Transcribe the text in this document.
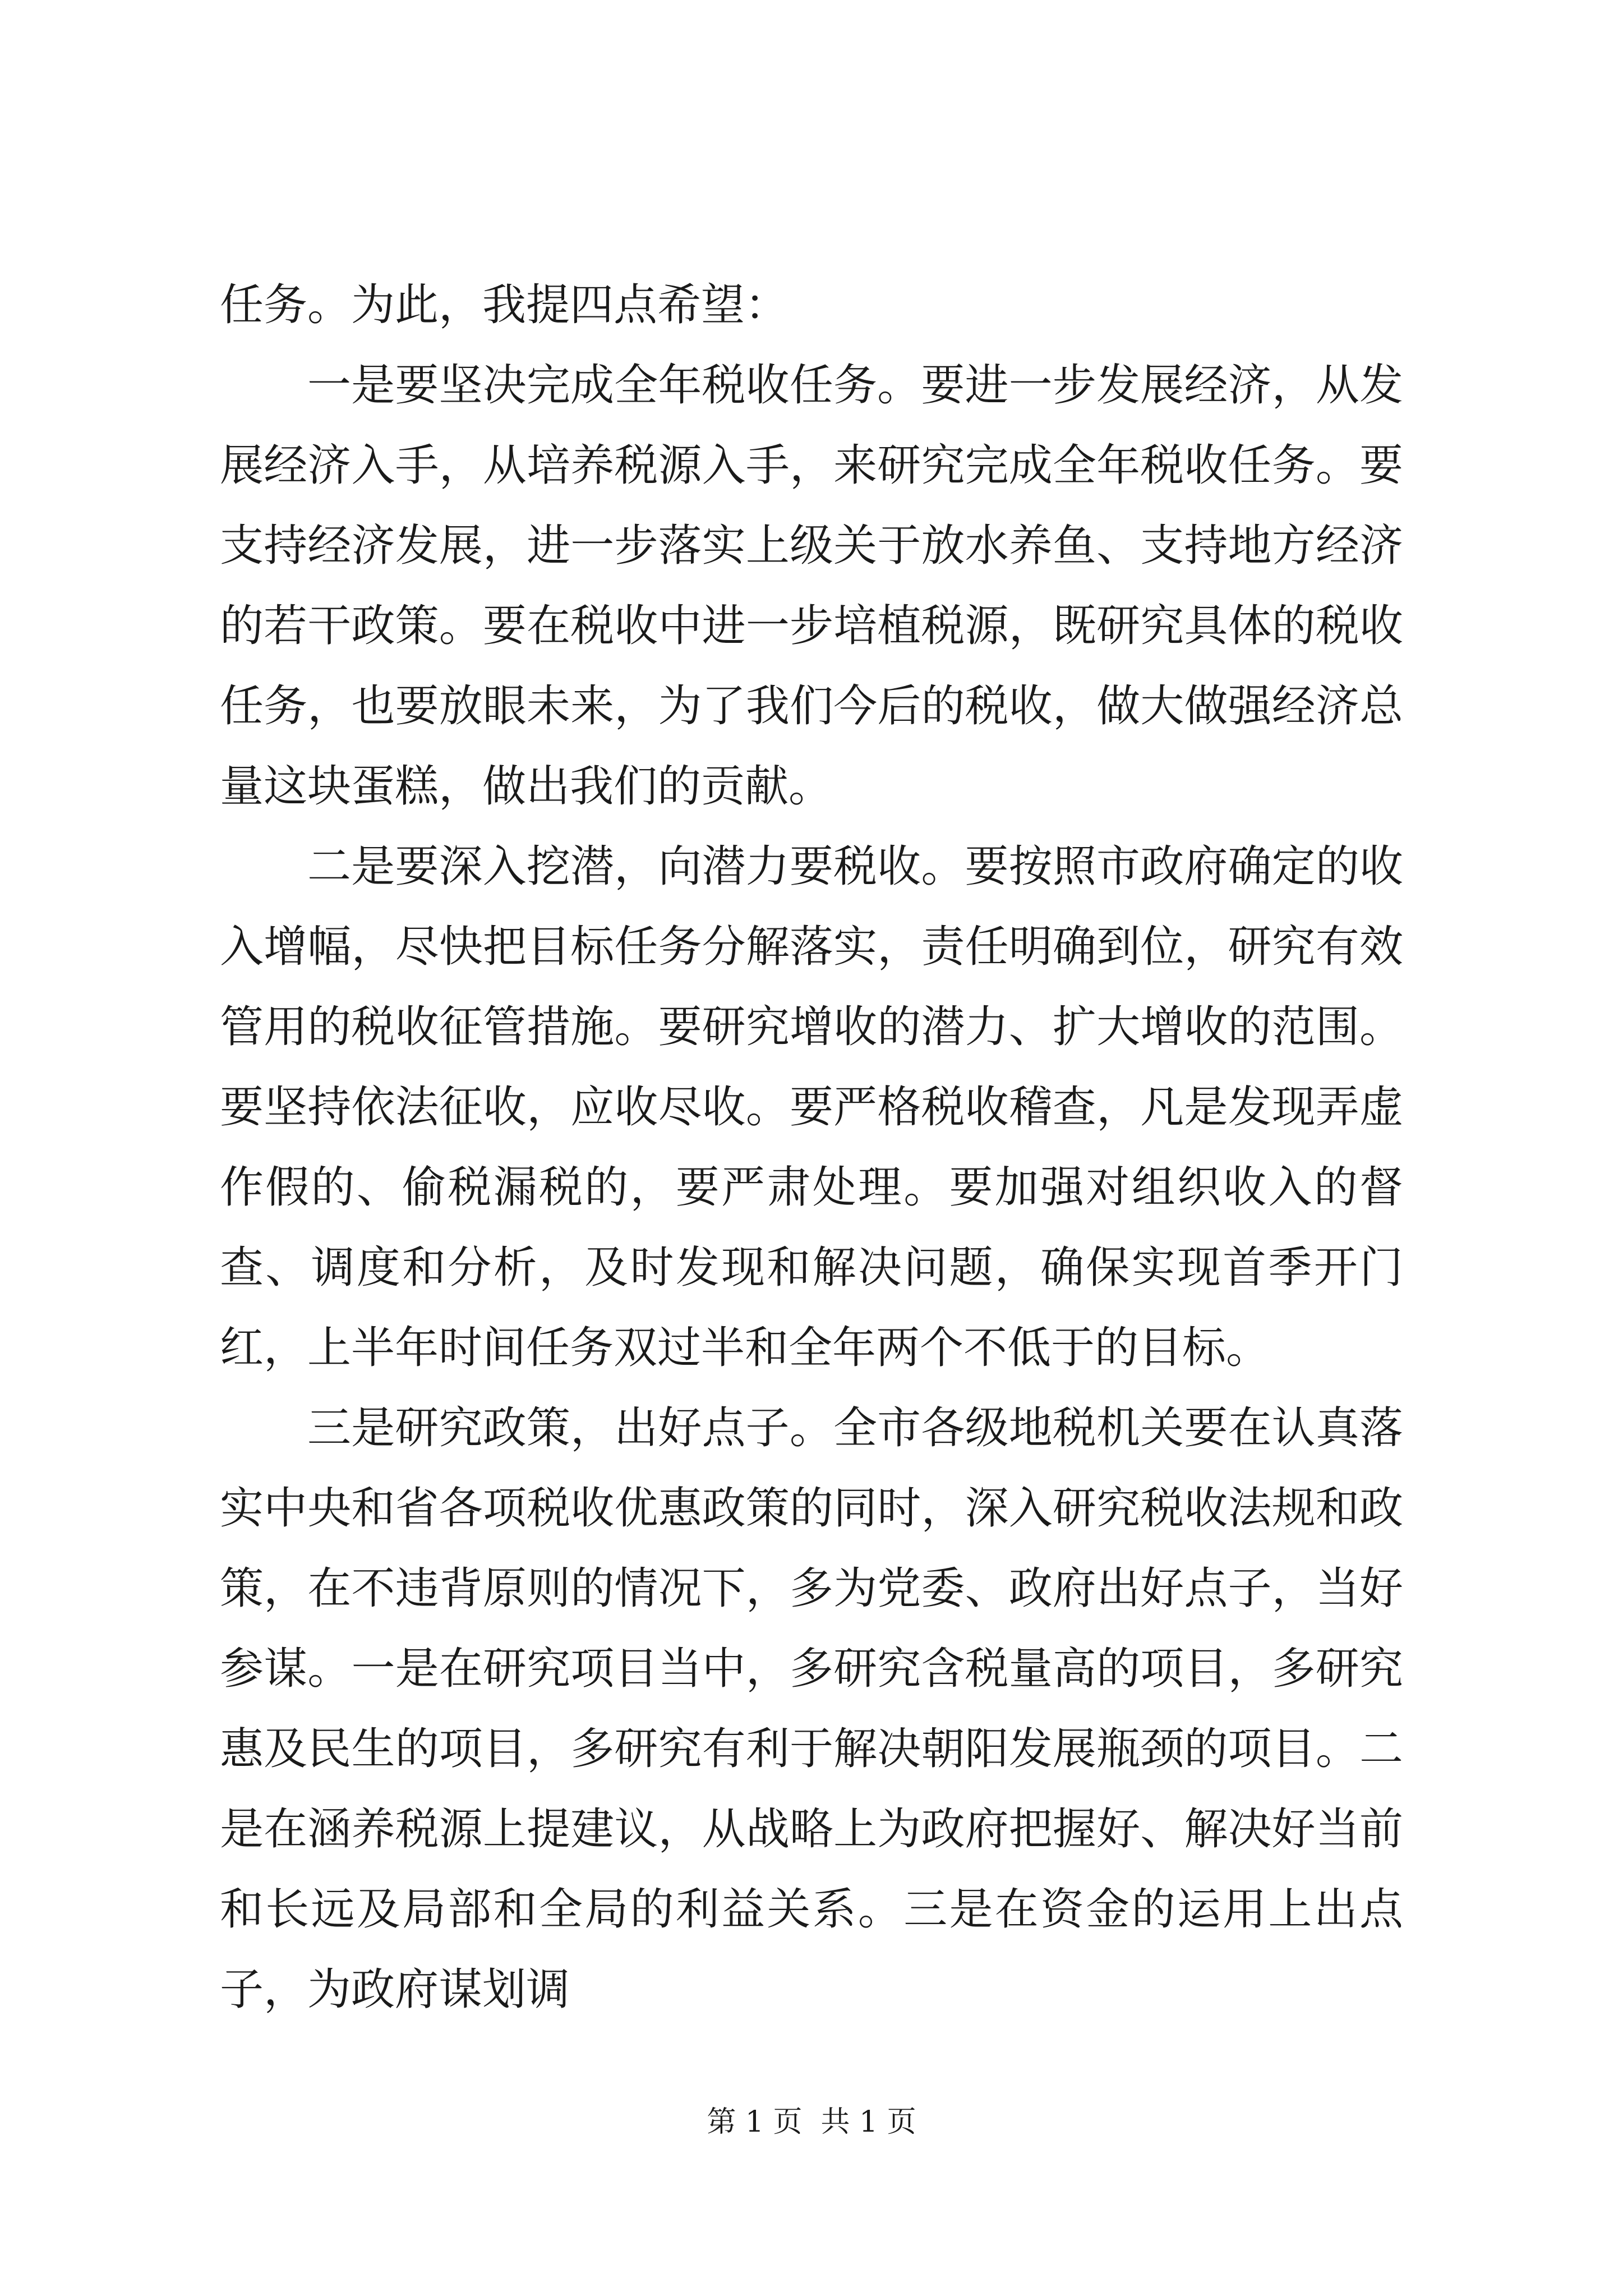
任务。为此，我提四点希望：

一是要坚决完成全年税收任务。要进一步发展经济，从发展经济入手，从培养税源入手，来研究完成全年税收任务。要支持经济发展，进一步落实上级关于放水养鱼、支持地方经济的若干政策。要在税收中进一步培植税源，既研究具体的税收任务，也要放眼未来，为了我们今后的税收，做大做强经济总量这块蛋糕，做出我们的贡献。

二是要深入挖潜，向潜力要税收。要按照市政府确定的收入增幅，尽快把目标任务分解落实，责任明确到位，研究有效管用的税收征管措施。要研究增收的潜力、扩大增收的范围。要坚持依法征收，应收尽收。要严格税收稽查，凡是发现弄虚作假的、偷税漏税的，要严肃处理。要加强对组织收入的督查、调度和分析，及时发现和解决问题，确保实现首季开门红，上半年时间任务双过半和全年两个不低于的目标。

三是研究政策，出好点子。全市各级地税机关要在认真落实中央和省各项税收优惠政策的同时，深入研究税收法规和政策，在不违背原则的情况下，多为党委、政府出好点子，当好参谋。一是在研究项目当中，多研究含税量高的项目，多研究惠及民生的项目，多研究有利于解决朝阳发展瓶颈的项目。二是在涵养税源上提建议，从战略上为政府把握好、解决好当前和长远及局部和全局的利益关系。三是在资金的运用上出点子，为政府谋划调

第 1 页  共 1 页
